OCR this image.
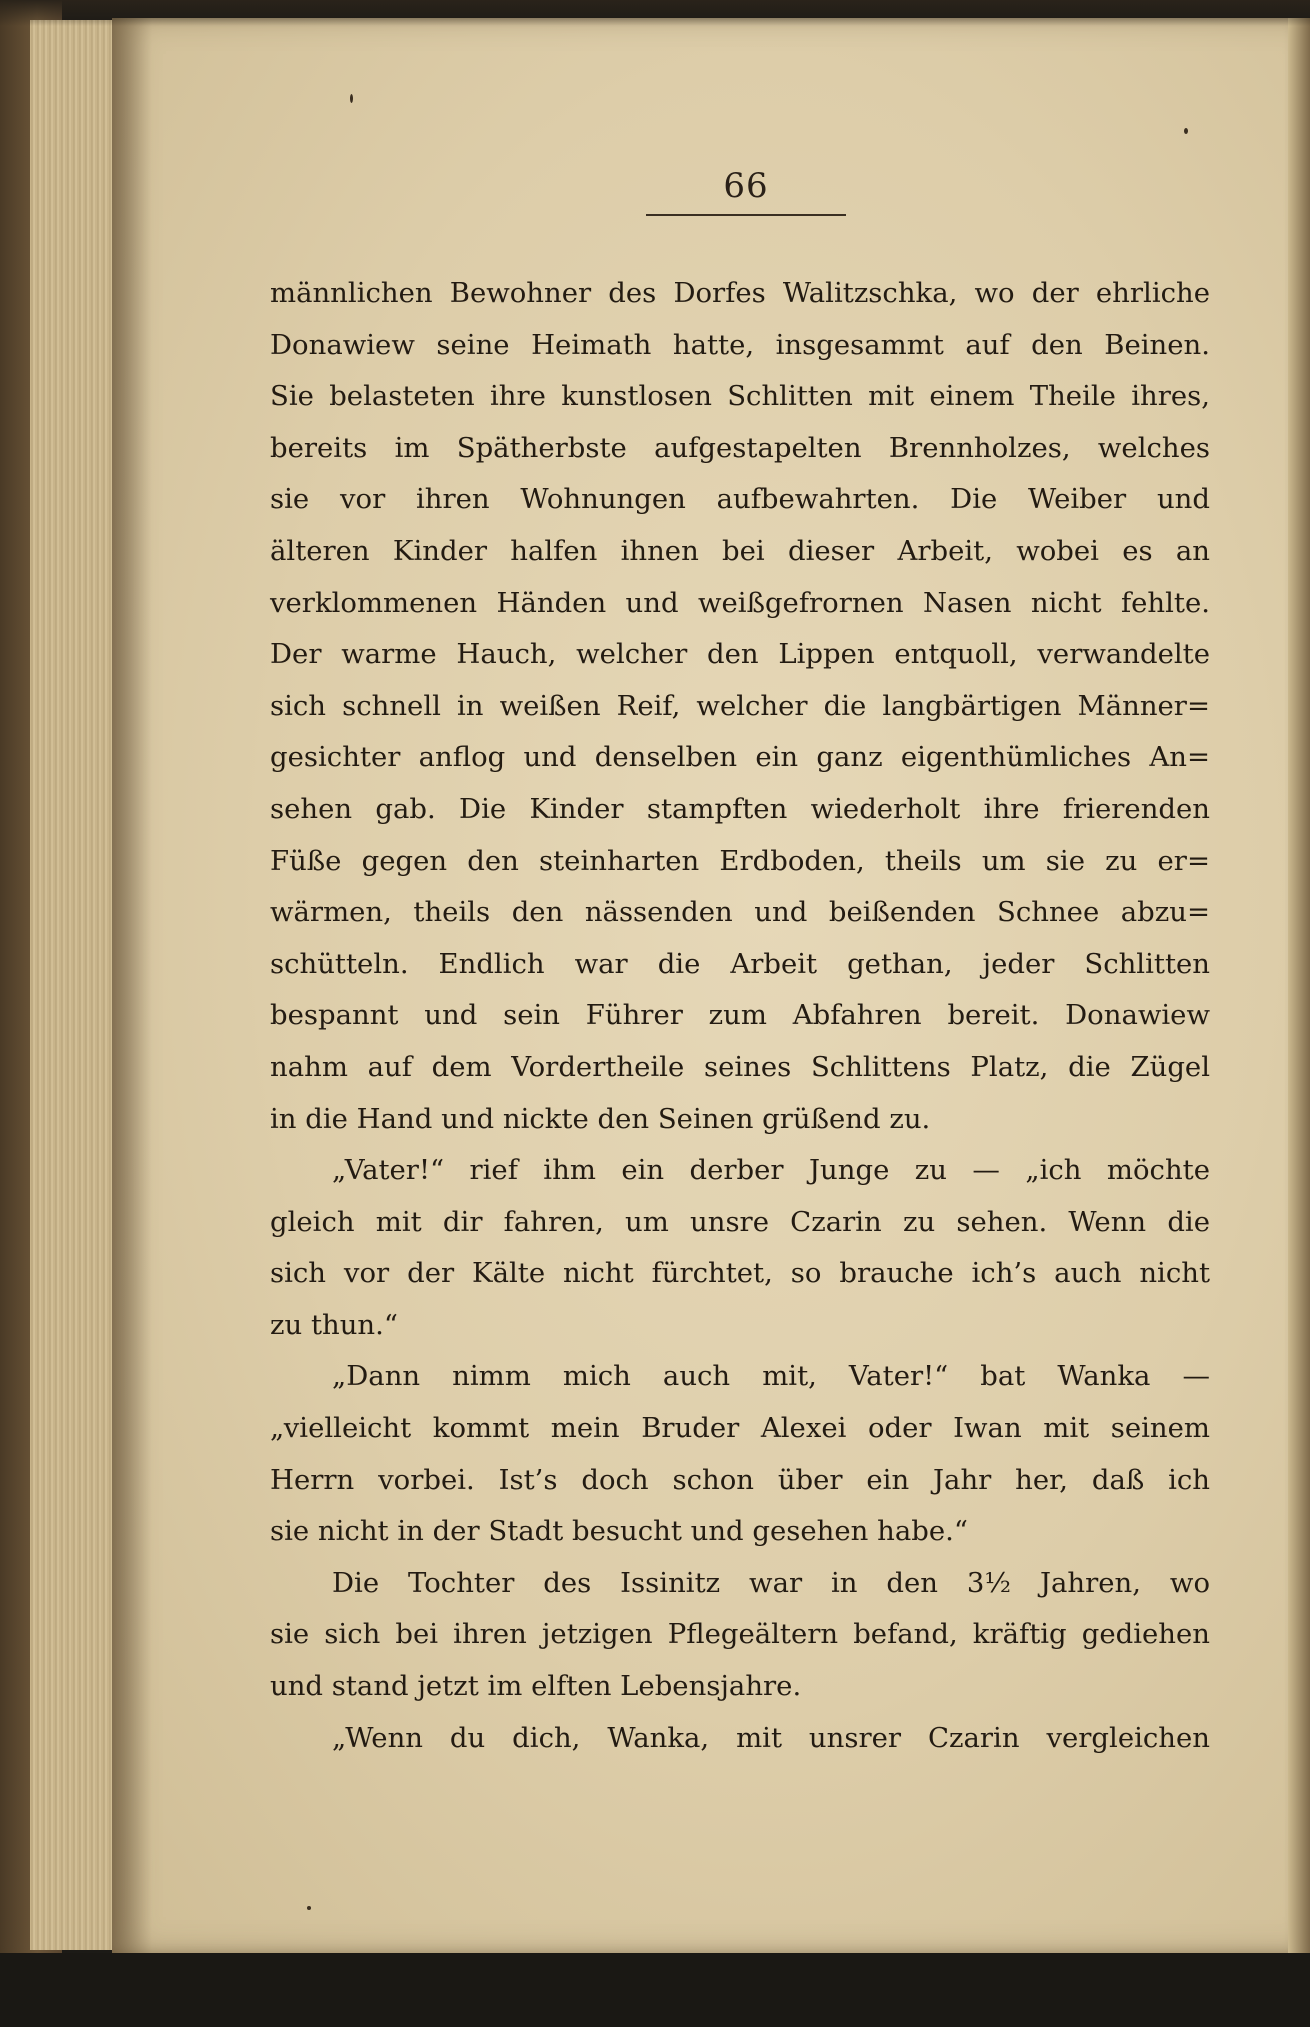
66
männlichen Bewohner des Dorfes Walitzschka, wo der ehrliche
Donawiew seine Heimath hatte, insgesammt auf den Beinen.
Sie belasteten ihre kunstlosen Schlitten mit einem Theile ihres,
bereits im Spätherbste aufgestapelten Brennholzes, welches
sie vor ihren Wohnungen aufbewahrten. Die Weiber und
älteren Kinder halfen ihnen bei dieser Arbeit, wobei es an
verklommenen Händen und weißgefrornen Nasen nicht fehlte.
Der warme Hauch, welcher den Lippen entquoll, verwandelte
sich schnell in weißen Reif, welcher die langbärtigen Männer=
gesichter anflog und denselben ein ganz eigenthümliches An=
sehen gab. Die Kinder stampften wiederholt ihre frierenden
Füße gegen den steinharten Erdboden, theils um sie zu er=
wärmen, theils den nässenden und beißenden Schnee abzu=
schütteln. Endlich war die Arbeit gethan, jeder Schlitten
bespannt und sein Führer zum Abfahren bereit. Donawiew
nahm auf dem Vordertheile seines Schlittens Platz, die Zügel
in die Hand und nickte den Seinen grüßend zu.
„Vater!“ rief ihm ein derber Junge zu — „ich möchte
gleich mit dir fahren, um unsre Czarin zu sehen. Wenn die
sich vor der Kälte nicht fürchtet, so brauche ich’s auch nicht
zu thun.“
„Dann nimm mich auch mit, Vater!“ bat Wanka —
„vielleicht kommt mein Bruder Alexei oder Iwan mit seinem
Herrn vorbei. Ist’s doch schon über ein Jahr her, daß ich
sie nicht in der Stadt besucht und gesehen habe.“
Die Tochter des Issinitz war in den 3½ Jahren, wo
sie sich bei ihren jetzigen Pflegeältern befand, kräftig gediehen
und stand jetzt im elften Lebensjahre.
„Wenn du dich, Wanka, mit unsrer Czarin vergleichen
